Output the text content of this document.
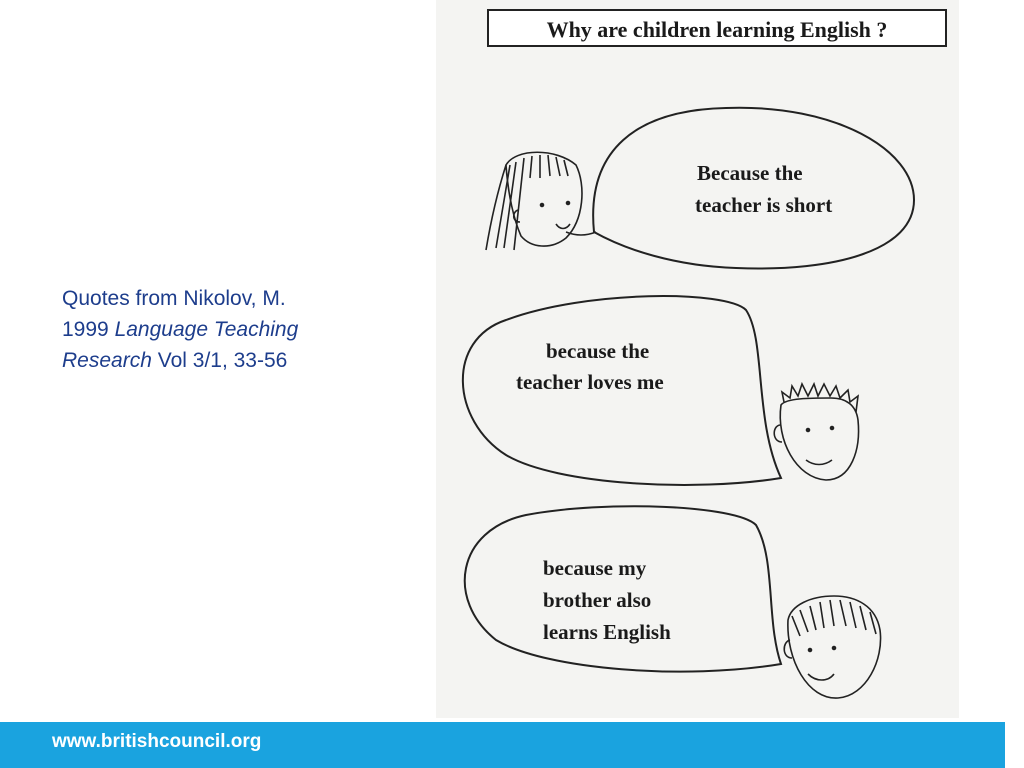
Quotes from Nikolov, M.
1999 Language Teaching
Research Vol 3/1, 33-56
Why are children learning English ?
Because the teacher is short
because the teacher loves me
because my brother also learns English
www.britishcouncil.org
